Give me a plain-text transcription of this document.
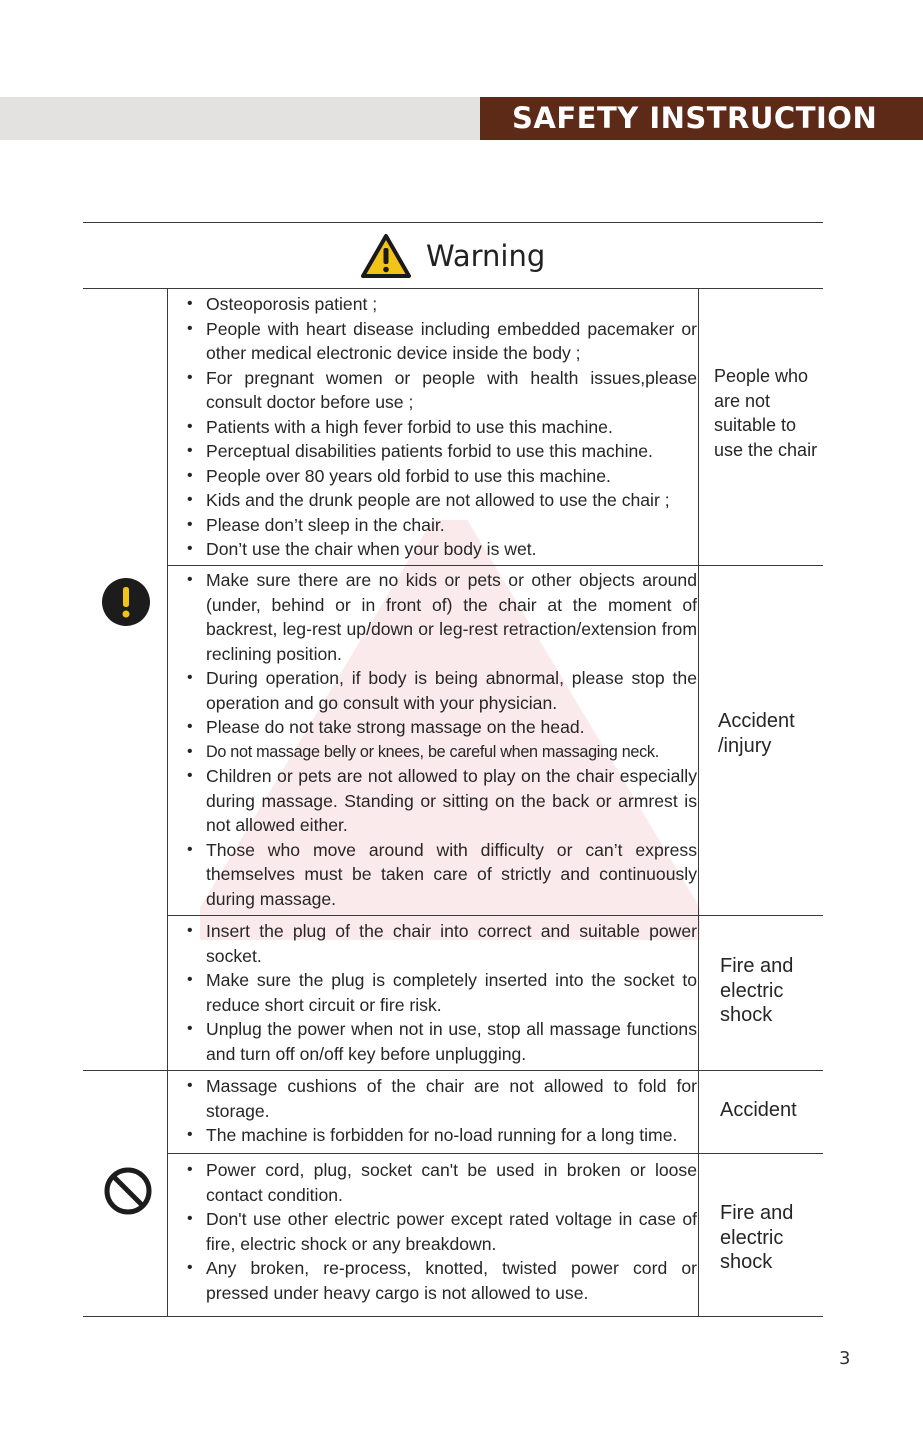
SAFETY INSTRUCTION
Warning
• Osteoporosis patient ;
• People with heart disease including embedded pacemaker or other medical electronic device inside the body ;
• For pregnant women or people with health issues,please consult doctor before use ;
• Patients with a high fever forbid to use this machine.
• Perceptual disabilities patients forbid to use this machine.
• People over 80 years old forbid to use this machine.
• Kids and the drunk people are not allowed to use the chair ;
• Please don’t sleep in the chair.
• Don’t use the chair when your body is wet.
People who are not suitable to use the chair
• Make sure there are no kids or pets or other objects around (under, behind or in front of) the chair at the moment of backrest, leg-rest up/down or leg-rest retraction/extension from reclining position.
• During operation, if body is being abnormal, please stop the operation and go consult with your physician.
• Please do not take strong massage on the head.
• Do not massage belly or knees, be careful when massaging neck.
• Children or pets are not allowed to play on the chair especially during massage. Standing or sitting on the back or armrest is not allowed either.
• Those who move around with difficulty or can’t express themselves must be taken care of strictly and continuously during massage.
Accident /injury
• Insert the plug of the chair into correct and suitable power socket.
• Make sure the plug is completely inserted into the socket to reduce short circuit or fire risk.
• Unplug the power when not in use, stop all massage functions and turn off on/off key before unplugging.
Fire and electric shock
• Massage cushions of the chair are not allowed to fold for storage.
• The machine is forbidden for no-load running for a long time.
Accident
• Power cord, plug, socket can't be used in broken or loose contact condition.
• Don't use other electric power except rated voltage in case of fire, electric shock or any breakdown.
• Any broken, re-process, knotted, twisted power cord or pressed under heavy cargo is not allowed to use.
Fire and electric shock
3
